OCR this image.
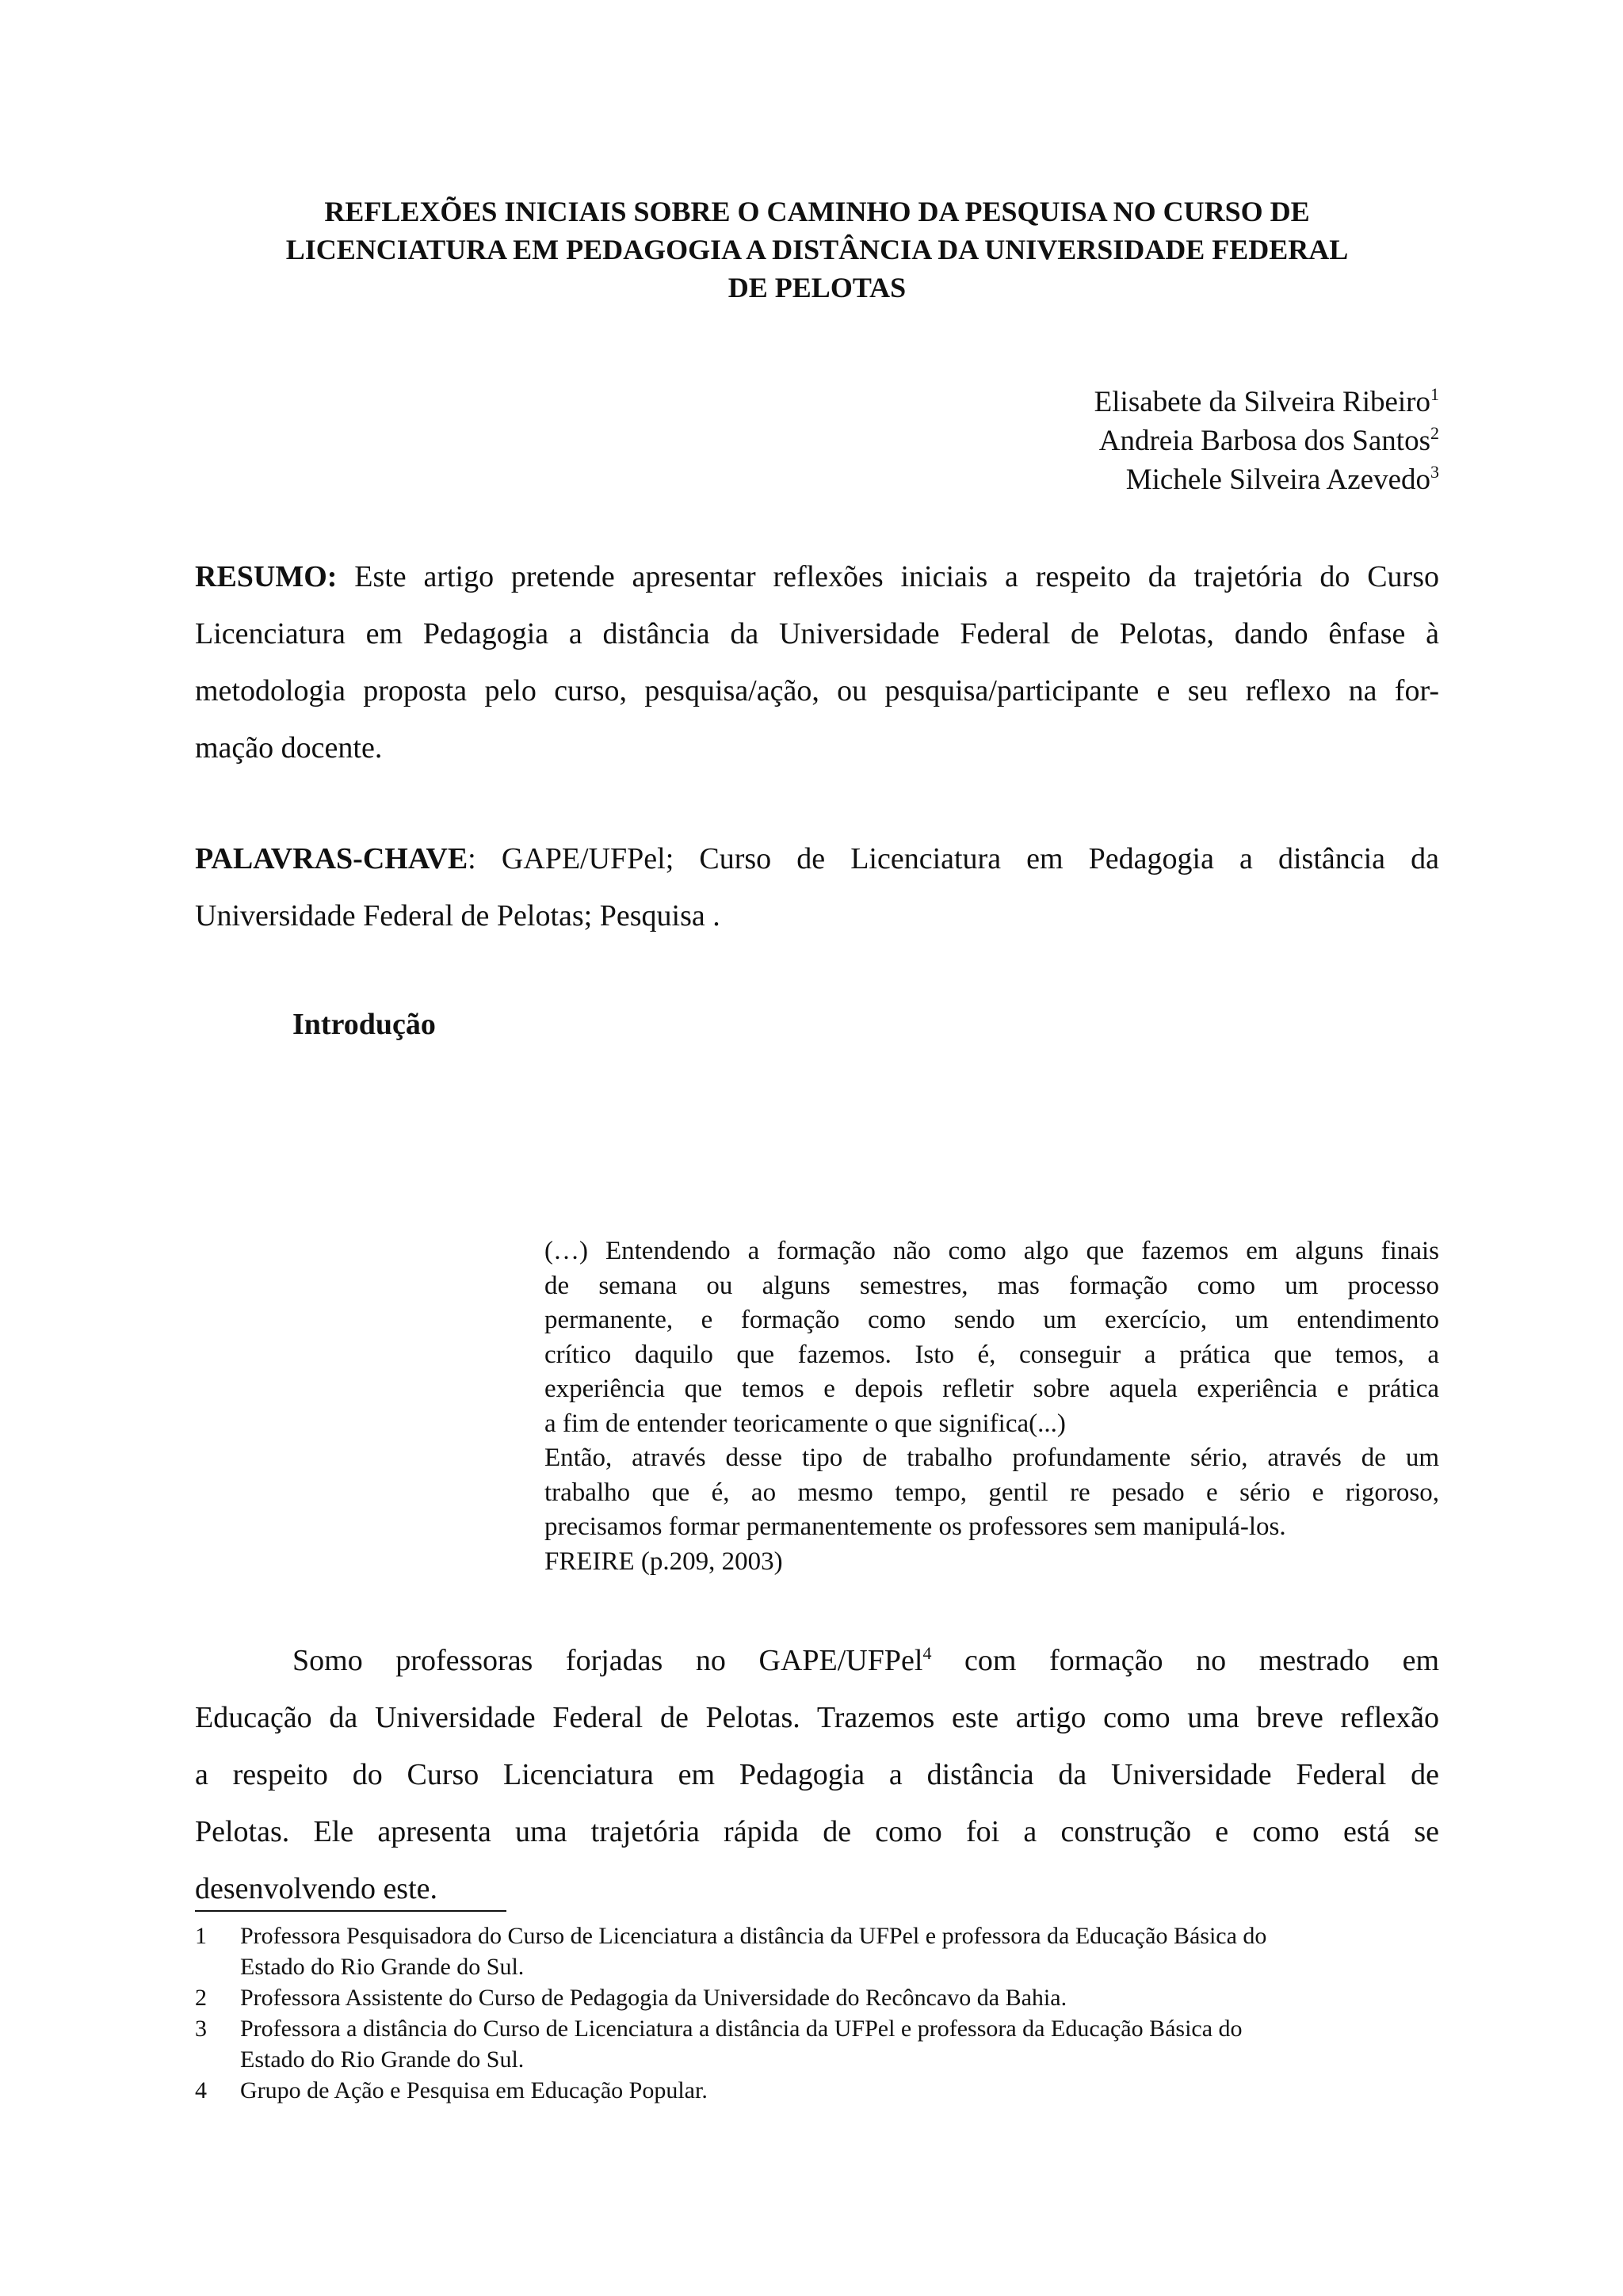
REFLEXÕES INICIAIS SOBRE O CAMINHO DA PESQUISA NO CURSO DE
LICENCIATURA EM PEDAGOGIA A DISTÂNCIA DA UNIVERSIDADE FEDERAL
DE PELOTAS
Elisabete da Silveira Ribeiro$^1$
Andreia Barbosa dos Santos$^2$
Michele Silveira Azevedo$^3$
RESUMO: Este artigo pretende apresentar reflexões iniciais a respeito da trajetória do Curso
Licenciatura em Pedagogia a distância da Universidade Federal de Pelotas, dando ênfase à
metodologia proposta pelo curso, pesquisa/ação, ou pesquisa/participante e seu reflexo na for-
mação docente.
PALAVRAS-CHAVE: GAPE/UFPel; Curso de Licenciatura em Pedagogia a distância da
Universidade Federal de Pelotas; Pesquisa .
Introdução
(…) Entendendo a formação não como algo que fazemos em alguns finais
de semana ou alguns semestres, mas formação como um processo
permanente, e formação como sendo um exercício, um entendimento
crítico daquilo que fazemos. Isto é, conseguir a prática que temos, a
experiência que temos e depois refletir sobre aquela experiência e prática
a fim de entender teoricamente o que significa(...)
Então, através desse tipo de trabalho profundamente sério, através de um
trabalho que é, ao mesmo tempo, gentil re pesado e sério e rigoroso,
precisamos formar permanentemente os professores sem manipulá-los.
FREIRE (p.209, 2003)
Somo professoras forjadas no GAPE/UFPel$^4$ com formação no mestrado em
Educação da Universidade Federal de Pelotas. Trazemos este artigo como uma breve reflexão
a respeito do Curso Licenciatura em Pedagogia a distância da Universidade Federal de
Pelotas. Ele apresenta uma trajetória rápida de como foi a construção e como está se
desenvolvendo este.
1 Professora Pesquisadora do Curso de Licenciatura a distância da UFPel e professora da Educação Básica do
Estado do Rio Grande do Sul.
2 Professora Assistente do Curso de Pedagogia da Universidade do Recôncavo da Bahia.
3 Professora a distância do Curso de Licenciatura a distância da UFPel e professora da Educação Básica do
Estado do Rio Grande do Sul.
4 Grupo de Ação e Pesquisa em Educação Popular.
